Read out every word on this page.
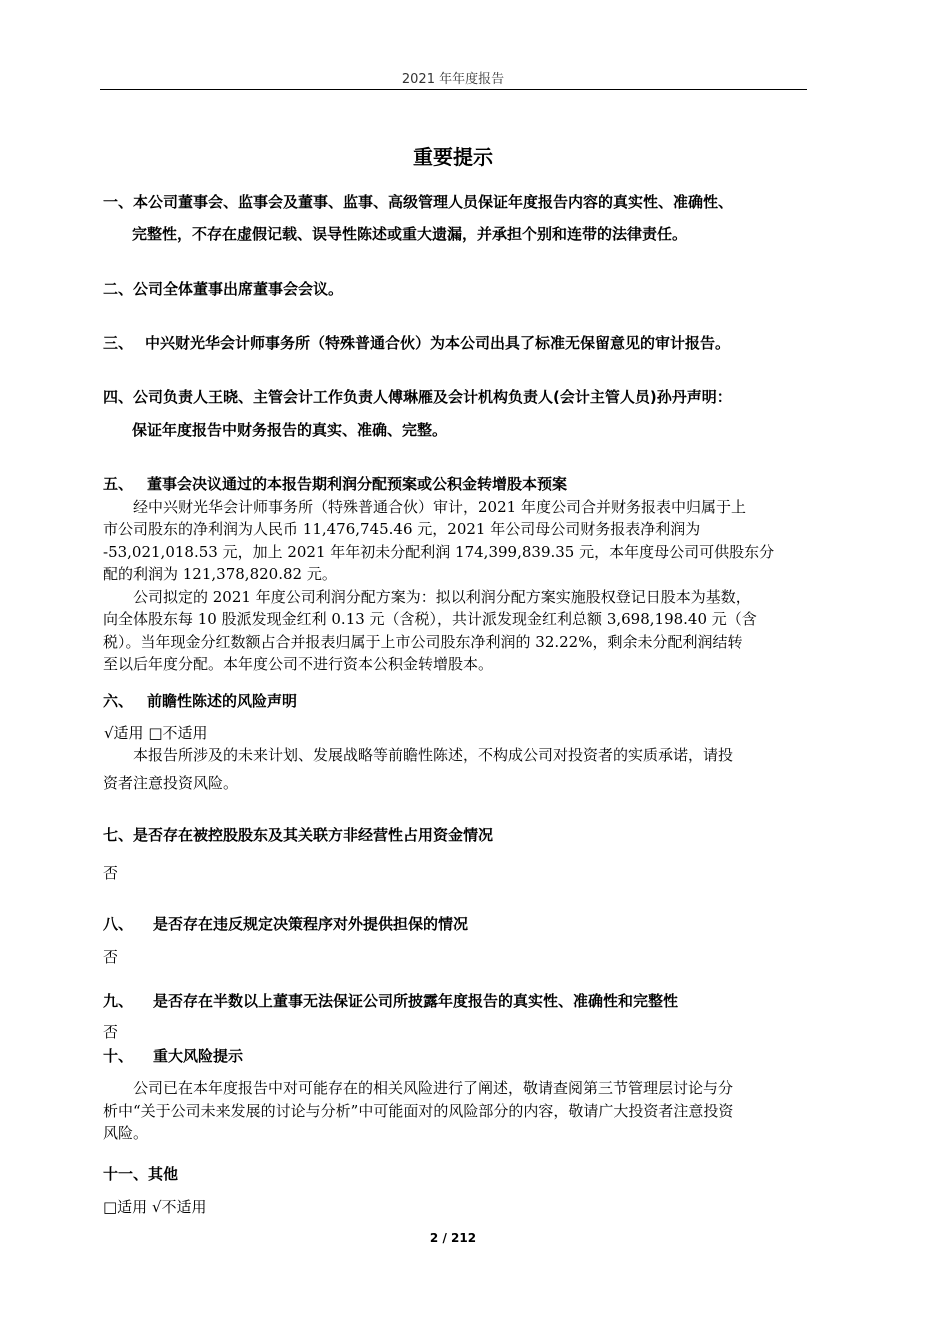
2021 年年度报告
重要提示
一、本公司董事会、监事会及董事、监事、高级管理人员保证年度报告内容的真实性、准确性、
完整性，不存在虚假记载、误导性陈述或重大遗漏，并承担个别和连带的法律责任。
二、公司全体董事出席董事会会议。
三、 中兴财光华会计师事务所（特殊普通合伙）为本公司出具了标准无保留意见的审计报告。
四、公司负责人王晓、主管会计工作负责人傅琳雁及会计机构负责人(会计主管人员)孙丹声明：
保证年度报告中财务报告的真实、准确、完整。
五、 董事会决议通过的本报告期利润分配预案或公积金转增股本预案
经中兴财光华会计师事务所（特殊普通合伙）审计，2021 年度公司合并财务报表中归属于上
市公司股东的净利润为人民币 11,476,745.46 元，2021 年公司母公司财务报表净利润为
-53,021,018.53 元，加上 2021 年年初未分配利润 174,399,839.35 元，本年度母公司可供股东分
配的利润为 121,378,820.82 元。
公司拟定的 2021 年度公司利润分配方案为：拟以利润分配方案实施股权登记日股本为基数，
向全体股东每 10 股派发现金红利 0.13 元（含税），共计派发现金红利总额 3,698,198.40 元（含
税）。当年现金分红数额占合并报表归属于上市公司股东净利润的 32.22%，剩余未分配利润结转
至以后年度分配。本年度公司不进行资本公积金转增股本。
六、 前瞻性陈述的风险声明
√适用 □不适用
本报告所涉及的未来计划、发展战略等前瞻性陈述，不构成公司对投资者的实质承诺，请投
资者注意投资风险。
七、是否存在被控股股东及其关联方非经营性占用资金情况
否
八、 是否存在违反规定决策程序对外提供担保的情况
否
九、 是否存在半数以上董事无法保证公司所披露年度报告的真实性、准确性和完整性
否
十、 重大风险提示
公司已在本年度报告中对可能存在的相关风险进行了阐述，敬请查阅第三节管理层讨论与分
析中“关于公司未来发展的讨论与分析”中可能面对的风险部分的内容，敬请广大投资者注意投资
风险。
十一、其他
□适用 √不适用
2 / 212
